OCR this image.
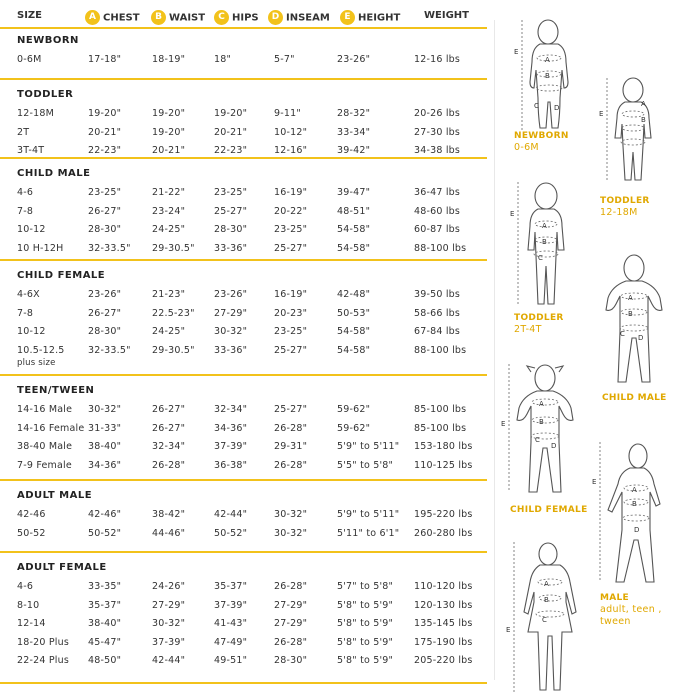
SIZE	A CHEST	B WAIST	C HIPS	D INSEAM	E HEIGHT WEIGHT
NEWBORN
0-6M	17-18"	18-19"	18"	5-7"	23-26"	12-16 lbs
TODDLER
12-18M	19-20"	19-20"	19-20"	9-11"	28-32"	20-26 lbs
2T	20-21"	19-20"	20-21"	10-12"	33-34"	27-30 lbs
3T-4T	22-23"	20-21"	22-23"	12-16"	39-42"	34-38 lbs
CHILD MALE
4-6	23-25"	21-22"	23-25"	16-19"	39-47"	36-47 lbs
7-8	26-27"	23-24"	25-27"	20-22"	48-51"	48-60 lbs
10-12	28-30"	24-25"	28-30"	23-25"	54-58"	60-87 lbs
10 H-12H	32-33.5" 29-30.5" 33-36"	25-27"	54-58"	88-100 lbs
CHILD FEMALE
4-6X	23-26"	21-23"	23-26"	16-19"	42-48"	39-50 lbs
7-8	26-27"	22.5-23" 27-29"	20-23"	50-53"	58-66 lbs
10-12	28-30"	24-25"	30-32"	23-25"	54-58"	67-84 lbs
10.5-12.5 32-33.5" 29-30.5" 33-36"	25-27"	54-58"	88-100 lbs
plus size
TEEN/TWEEN
14-16 Male 30-32"	26-27"	32-34"	25-27"	59-62"	85-100 lbs
14-16 Female 31-33"	26-27"	34-36"	26-28"	59-62"	85-100 lbs
38-40 Male 38-40"	32-34"	37-39"	29-31"	5'9" to 5'11" 153-180 lbs
7-9 Female 34-36"	26-28"	36-38"	26-28"	5'5" to 5'8" 110-125 lbs
ADULT MALE
42-46	42-46"	38-42"	42-44"	30-32"	5'9" to 5'11" 195-220 lbs
50-52	50-52"	44-46"	50-52"	30-32"	5'11" to 6'1" 260-280 lbs
ADULT FEMALE
4-6	33-35"	24-26"	35-37"	26-28"	5'7" to 5'8" 110-120 lbs
8-10	35-37"	27-29"	37-39"	27-29"	5'8" to 5'9" 120-130 lbs
12-14	38-40"	30-32"	41-43"	27-29"	5'8" to 5'9" 135-145 lbs
18-20 Plus 45-47"	37-39"	47-49"	26-28"	5'8" to 5'9" 175-190 lbs
22-24 Plus 48-50"	42-44"	49-51"	28-30"	5'8" to 5'9" 205-220 lbs
E
A
B
C D
NEWBORN
0-6M
E
A
B
TODDLER
12-18M
E
A
B
C
TODDLER
2T-4T
A
B
C D
CHILD MALE
E
A
B
C
D
CHILD FEMALE
E
A
B
D
MALE
adult, teen ,
tween
E
A
B
C
